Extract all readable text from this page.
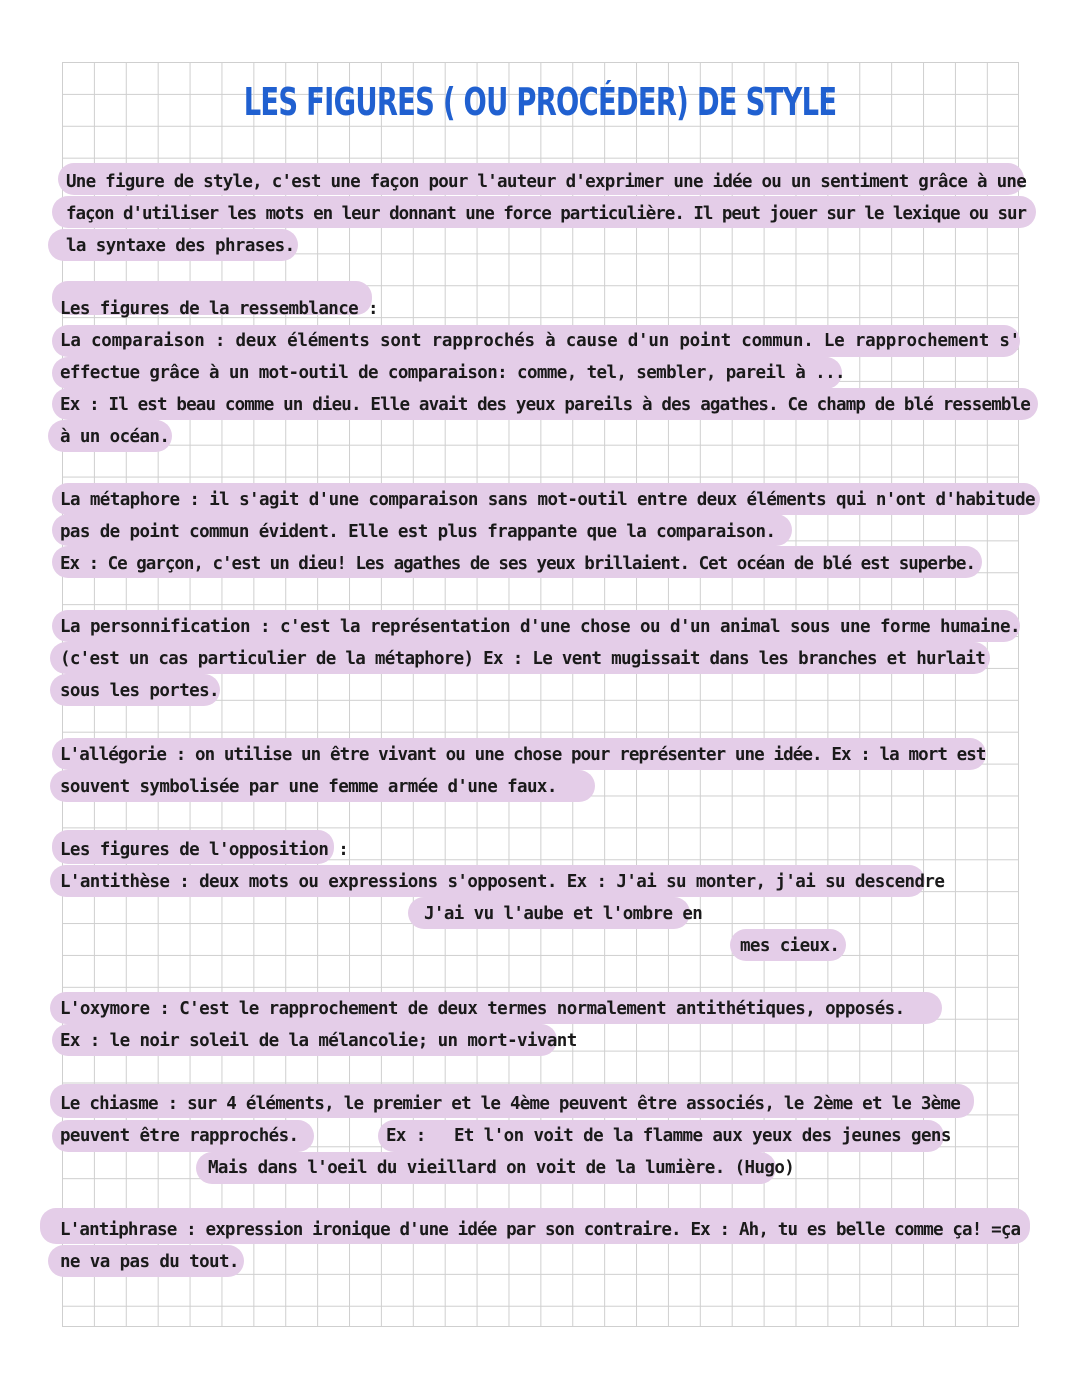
LES FIGURES ( OU PROCÉDER) DE STYLE

Une figure de style, c'est une façon pour l'auteur d'exprimer une idée ou un sentiment grâce à une

façon d'utiliser les mots en leur donnant une force particulière. Il peut jouer sur le lexique ou sur

la syntaxe des phrases.

Les figures de la ressemblance :

La comparaison : deux éléments sont rapprochés à cause d'un point commun. Le rapprochement s'

effectue grâce à un mot-outil de comparaison: comme, tel, sembler, pareil à ...

Ex : Il est beau comme un dieu. Elle avait des yeux pareils à des agathes. Ce champ de blé ressemble

à un océan.

La métaphore : il s'agit d'une comparaison sans mot-outil entre deux éléments qui n'ont d'habitude

pas de point commun évident. Elle est plus frappante que la comparaison.

Ex : Ce garçon, c'est un dieu! Les agathes de ses yeux brillaient. Cet océan de blé est superbe.

La personnification : c'est la représentation d'une chose ou d'un animal sous une forme humaine.

(c'est un cas particulier de la métaphore) Ex : Le vent mugissait dans les branches et hurlait

sous les portes.

L'allégorie : on utilise un être vivant ou une chose pour représenter une idée. Ex : la mort est

souvent symbolisée par une femme armée d'une faux.

Les figures de l'opposition :

L'antithèse : deux mots ou expressions s'opposent. Ex : J'ai su monter, j'ai su descendre

J'ai vu l'aube et l'ombre en

mes cieux.

L'oxymore : C'est le rapprochement de deux termes normalement antithétiques, opposés.

Ex : le noir soleil de la mélancolie; un mort-vivant

Le chiasme : sur 4 éléments, le premier et le 4ème peuvent être associés, le 2ème et le 3ème

peuvent être rapprochés.	Ex : Et l'on voit de la flamme aux yeux des jeunes gens

Mais dans l'oeil du vieillard on voit de la lumière. (Hugo)

L'antiphrase : expression ironique d'une idée par son contraire. Ex : Ah, tu es belle comme ça! =ça

ne va pas du tout.
